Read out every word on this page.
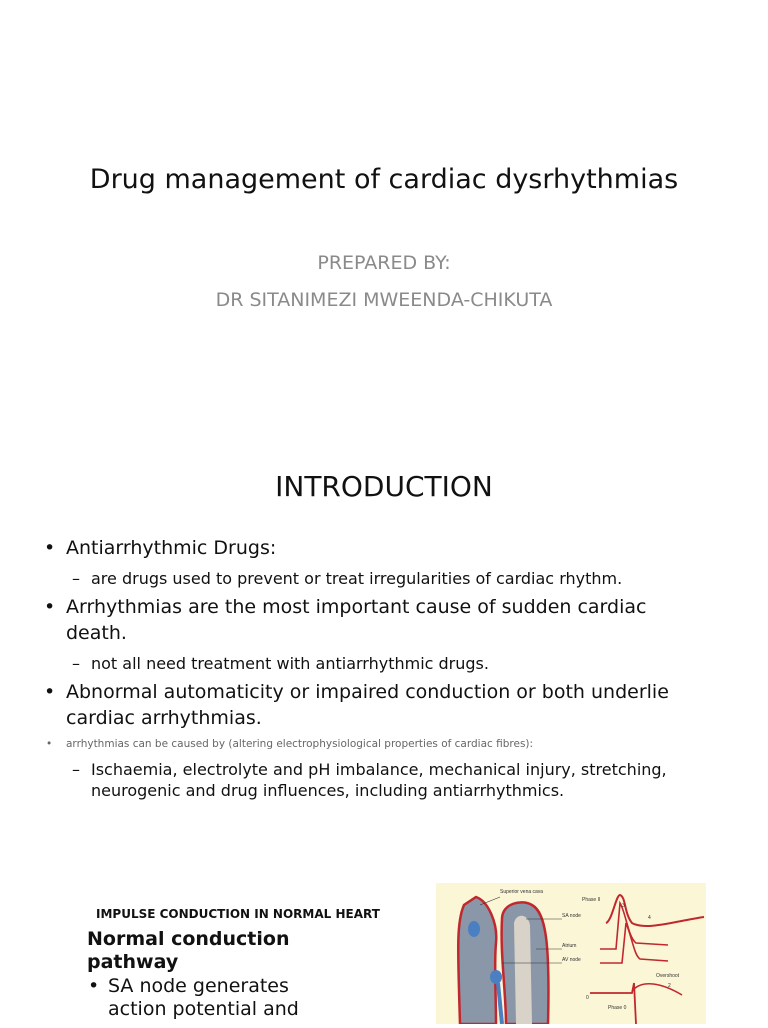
Drug management of cardiac dysrhythmias
PREPARED BY:
DR SITANIMEZI MWEENDA-CHIKUTA
INTRODUCTION
• Antiarrhythmic Drugs:
– are drugs used to prevent or treat irregularities of cardiac rhythm.
• Arrhythmias are the most important cause of sudden cardiac death.
– not all need treatment with antiarrhythmic drugs.
• Abnormal automaticity or impaired conduction or both underlie cardiac arrhythmias.
• arrhythmias can be caused by (altering electrophysiological properties of cardiac fibres):
– Ischaemia, electrolyte and pH imbalance, mechanical injury, stretching, neurogenic and drug influences, including antiarrhythmics.
IMPULSE CONDUCTION IN NORMAL HEART
Normal conduction pathway
• SA node generates action potential and
Superior vena cava
SA node
Atrium
AV node
Phase II
Overshoot
Phase 0
3
4
0
2
